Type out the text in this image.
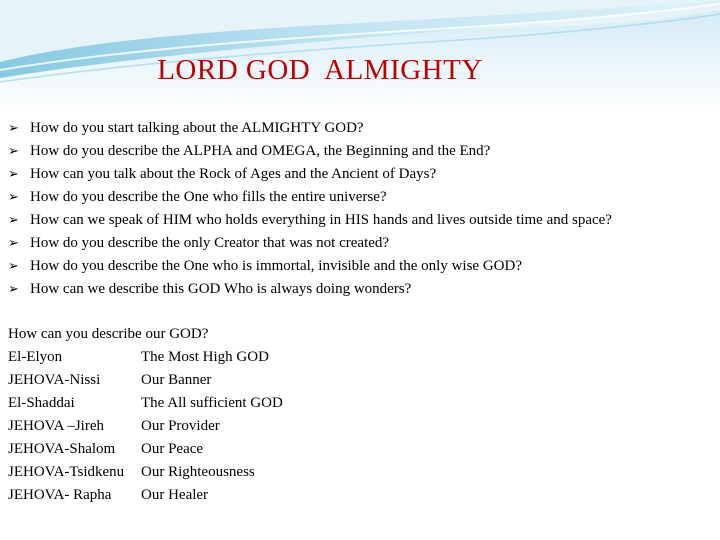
LORD GOD  ALMIGHTY
➢ How do you start talking about the ALMIGHTY GOD?
➢ How do you describe the ALPHA and OMEGA, the Beginning and the End?
➢ How can you talk about the Rock of Ages and the Ancient of Days?
➢ How do you describe the One who fills the entire universe?
➢ How can we speak of HIM who holds everything in HIS hands and lives outside time and space?
➢ How do you describe the only Creator that was not created?
➢ How do you describe the One who is immortal, invisible and the only wise GOD?
➢ How can we describe this GOD Who is always doing wonders?
How can you describe our GOD?
El-Elyon	The Most High GOD
JEHOVA-Nissi	Our Banner
El-Shaddai	The All sufficient GOD
JEHOVA –Jireh	Our Provider
JEHOVA-Shalom	Our Peace
JEHOVA-Tsidkenu	Our Righteousness
JEHOVA- Rapha	Our Healer
